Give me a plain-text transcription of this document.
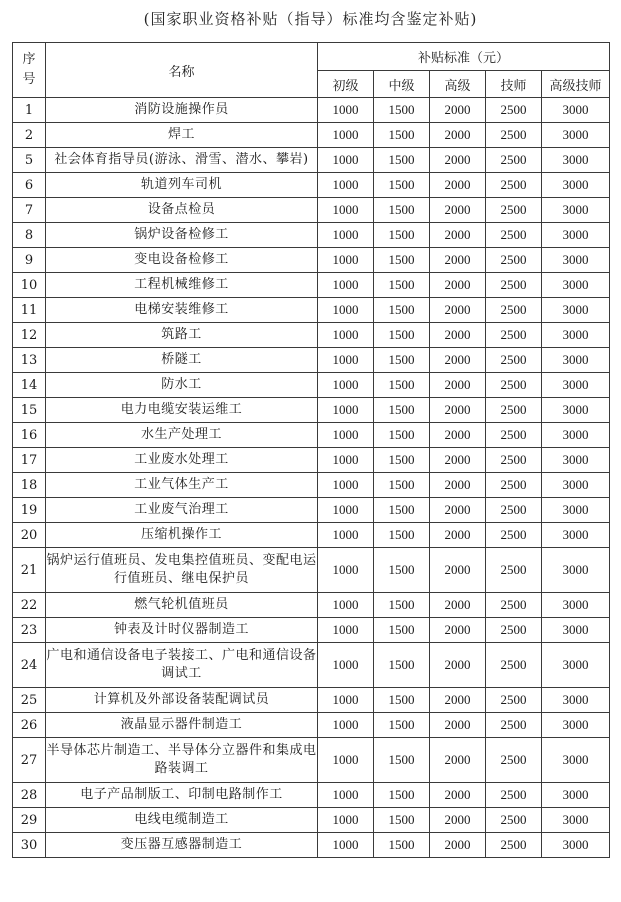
(国家职业资格补贴（指导）标准均含鉴定补贴)
序
号	名称	补贴标准（元）				
		初级	中级	高级	技师	高级技师
1	消防设施操作员	1000	1500	2000	2500	3000
2	焊工	1000	1500	2000	2500	3000
5	社会体育指导员(游泳、滑雪、潜水、攀岩)	1000	1500	2000	2500	3000
6	轨道列车司机	1000	1500	2000	2500	3000
7	设备点检员	1000	1500	2000	2500	3000
8	锅炉设备检修工	1000	1500	2000	2500	3000
9	变电设备检修工	1000	1500	2000	2500	3000
10	工程机械维修工	1000	1500	2000	2500	3000
11	电梯安装维修工	1000	1500	2000	2500	3000
12	筑路工	1000	1500	2000	2500	3000
13	桥隧工	1000	1500	2000	2500	3000
14	防水工	1000	1500	2000	2500	3000
15	电力电缆安装运维工	1000	1500	2000	2500	3000
16	水生产处理工	1000	1500	2000	2500	3000
17	工业废水处理工	1000	1500	2000	2500	3000
18	工业气体生产工	1000	1500	2000	2500	3000
19	工业废气治理工	1000	1500	2000	2500	3000
20	压缩机操作工	1000	1500	2000	2500	3000
21	锅炉运行值班员、发电集控值班员、变配电运行值班员、继电保护员	1000	1500	2000	2500	3000
22	燃气轮机值班员	1000	1500	2000	2500	3000
23	钟表及计时仪器制造工	1000	1500	2000	2500	3000
24	广电和通信设备电子装接工、广电和通信设备调试工	1000	1500	2000	2500	3000
25	计算机及外部设备装配调试员	1000	1500	2000	2500	3000
26	液晶显示器件制造工	1000	1500	2000	2500	3000
27	半导体芯片制造工、半导体分立器件和集成电路装调工	1000	1500	2000	2500	3000
28	电子产品制版工、印制电路制作工	1000	1500	2000	2500	3000
29	电线电缆制造工	1000	1500	2000	2500	3000
30	变压器互感器制造工	1000	1500	2000	2500	3000
